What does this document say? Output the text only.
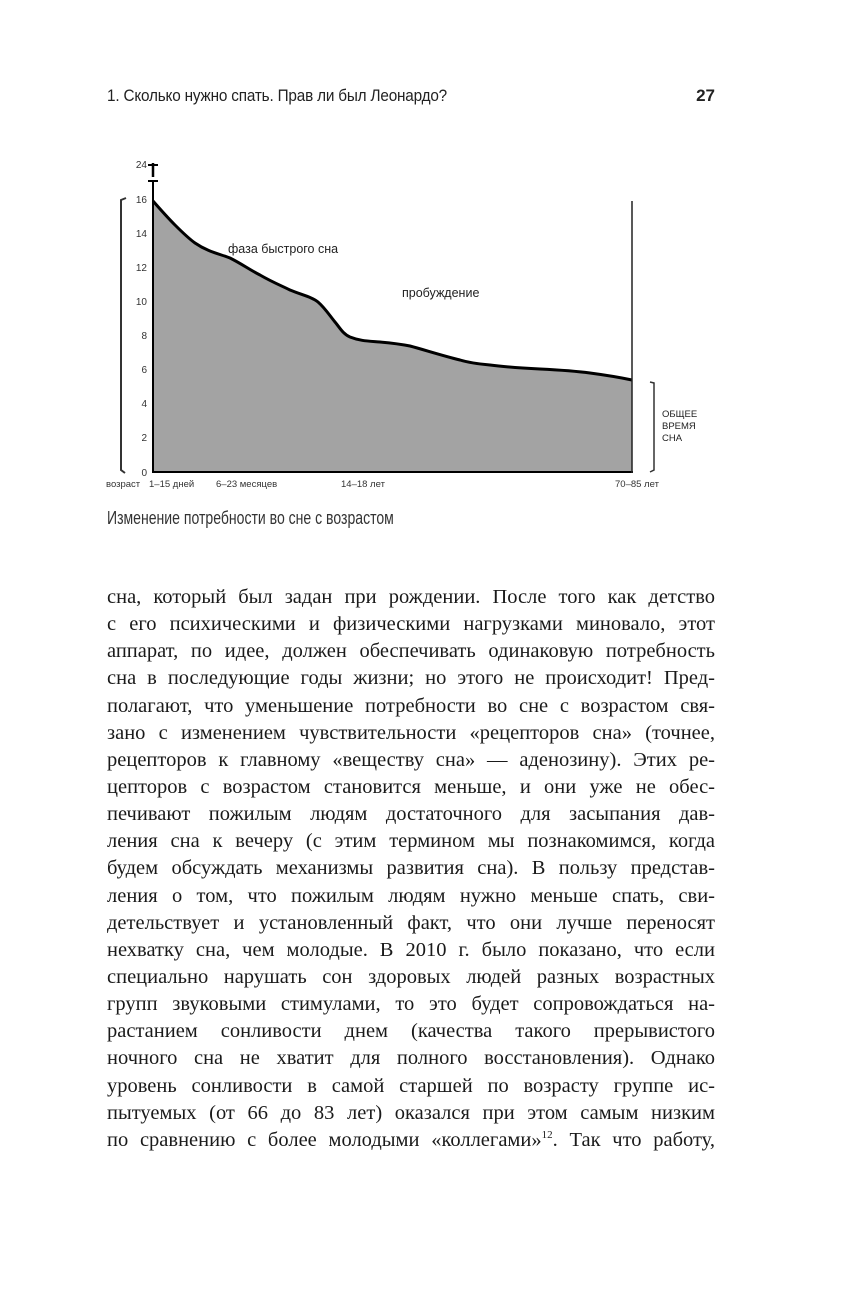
1. Сколько нужно спать. Прав ли был Леонардо?	27
24
16
14
12
10
8
6
4
2
0
возраст 1–15 дней 6–23 месяцев	14–18 лет	70–85 лет
фаза быстрого сна
пробуждение
ОБЩЕЕ
ВРЕМЯ
СНА
Изменение потребности во сне с возрастом
сна, который был задан при рождении. После того как детство
с его психическими и физическими нагрузками миновало, этот
аппарат, по идее, должен обеспечивать одинаковую потребность
сна в последующие годы жизни; но этого не происходит! Пред-
полагают, что уменьшение потребности во сне с возрастом свя-
зано с изменением чувствительности «рецепторов сна» (точнее,
рецепторов к главному «веществу сна» — аденозину). Этих ре-
цепторов с возрастом становится меньше, и они уже не обес-
печивают пожилым людям достаточного для засыпания дав-
ления сна к вечеру (с этим термином мы познакомимся, когда
будем обсуждать механизмы развития сна). В пользу представ-
ления о том, что пожилым людям нужно меньше спать, сви-
детельствует и установленный факт, что они лучше переносят
нехватку сна, чем молодые. В 2010 г. было показано, что если
специально нарушать сон здоровых людей разных возрастных
групп звуковыми стимулами, то это будет сопровождаться на-
растанием сонливости днем (качества такого прерывистого
ночного сна не хватит для полного восстановления). Однако
уровень сонливости в самой старшей по возрасту группе ис-
пытуемых (от 66 до 83 лет) оказался при этом самым низким
по сравнению с более молодыми «коллегами»$^{12}$. Так что работу,
